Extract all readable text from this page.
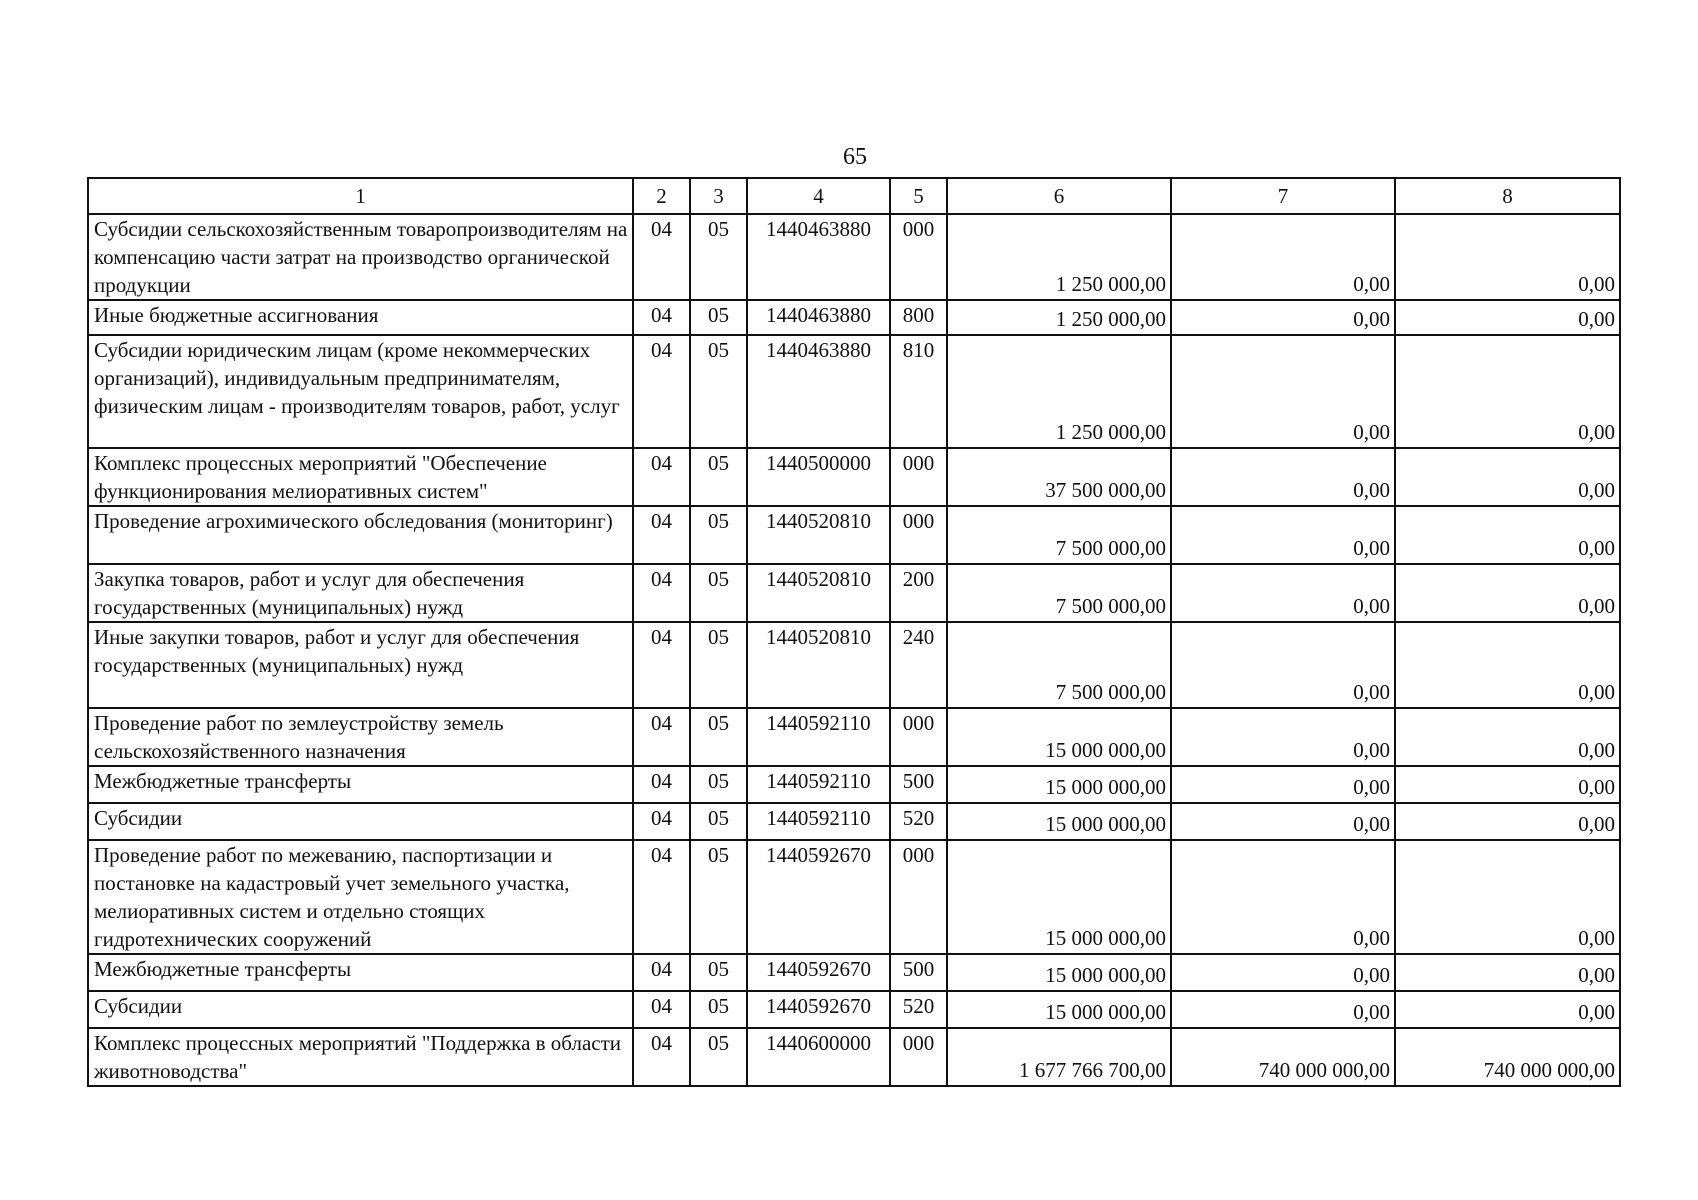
65
1	2	3	4	5	6	7	8
Субсидии сельскохозяйственным товаропроизводителям на компенсацию части затрат на производство органической продукции	04	05	1440463880	000	1 250 000,00	0,00	0,00
Иные бюджетные ассигнования	04	05	1440463880	800	1 250 000,00	0,00	0,00
Субсидии юридическим лицам (кроме некоммерческих организаций), индивидуальным предпринимателям, физическим лицам - производителям товаров, работ, услуг	04	05	1440463880	810	1 250 000,00	0,00	0,00
Комплекс процессных мероприятий "Обеспечение функционирования мелиоративных систем"	04	05	1440500000	000	37 500 000,00	0,00	0,00
Проведение агрохимического обследования (мониторинг)	04	05	1440520810	000	7 500 000,00	0,00	0,00
Закупка товаров, работ и услуг для обеспечения государственных (муниципальных) нужд	04	05	1440520810	200	7 500 000,00	0,00	0,00
Иные закупки товаров, работ и услуг для обеспечения государственных (муниципальных) нужд	04	05	1440520810	240	7 500 000,00	0,00	0,00
Проведение работ по землеустройству земель сельскохозяйственного назначения	04	05	1440592110	000	15 000 000,00	0,00	0,00
Межбюджетные трансферты	04	05	1440592110	500	15 000 000,00	0,00	0,00
Субсидии	04	05	1440592110	520	15 000 000,00	0,00	0,00
Проведение работ по межеванию, паспортизации и постановке на кадастровый учет земельного участка, мелиоративных систем и отдельно стоящих гидротехнических сооружений	04	05	1440592670	000	15 000 000,00	0,00	0,00
Межбюджетные трансферты	04	05	1440592670	500	15 000 000,00	0,00	0,00
Субсидии	04	05	1440592670	520	15 000 000,00	0,00	0,00
Комплекс процессных мероприятий "Поддержка в области животноводства"	04	05	1440600000	000	1 677 766 700,00	740 000 000,00	740 000 000,00
